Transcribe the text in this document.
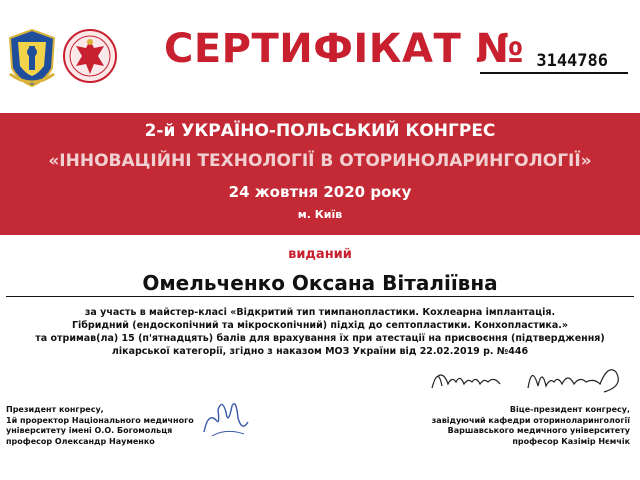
СЕРТИФІКАТ № 3144786
2-й УКРАЇНО-ПОЛЬСЬКИЙ КОНГРЕС
«ІННОВАЦІЙНІ ТЕХНОЛОГІЇ В ОТОРИНОЛАРИНГОЛОГІЇ»
24 жовтня 2020 року
м. Київ
виданий
Омельченко Оксана Віталіївна
за участь в майстер-класі «Відкритий тип тимпанопластики. Кохлеарна імплантація.
Гібридний (ендоскопічний та мікроскопічний) підхід до септопластики. Конхопластика.»
та отримав(ла) 15 (п'ятнадцять) балів для врахування їх при атестації на присвоєння (підтвердження)
лікарської категорії, згідно з наказом МОЗ України від 22.02.2019 р. №446
Президент конгресу,
1й проректор Національного медичного
університету імені О.О. Богомольця
професор Олександр Науменко
Віце-президент конгресу,
завідуючий кафедри оториноларингології
Варшавського медичного університету
професор Казімір Нємчік
